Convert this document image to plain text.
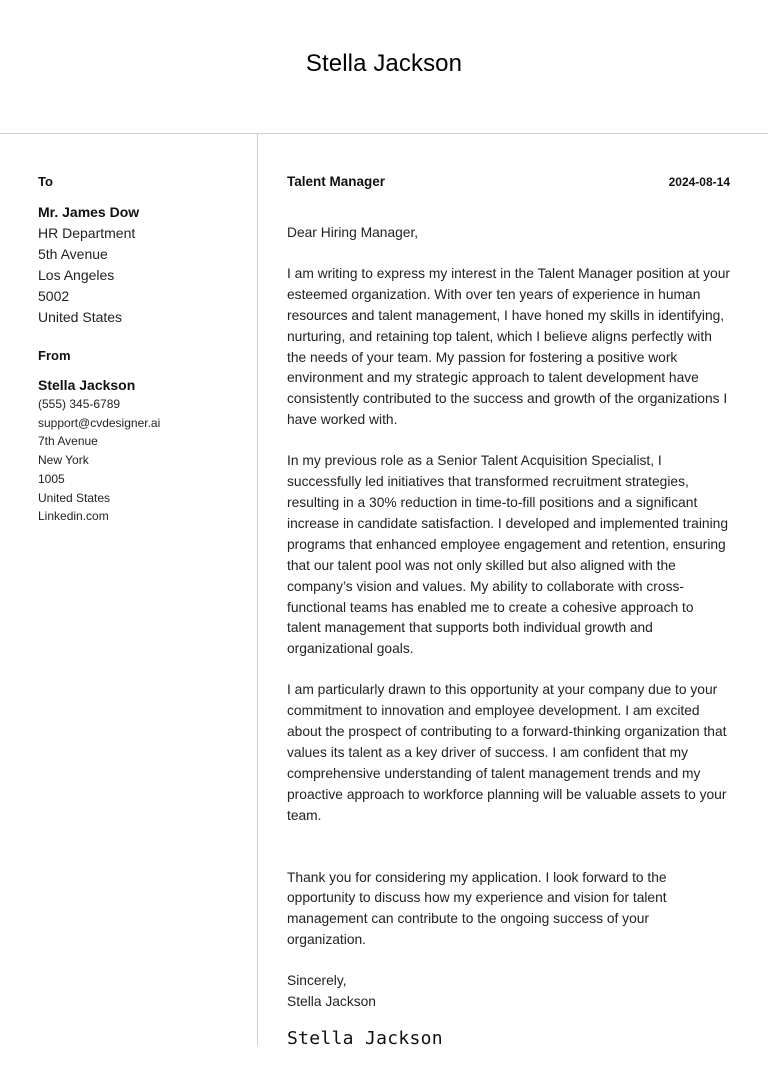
Stella Jackson
To
Mr. James Dow
HR Department
5th Avenue
Los Angeles
5002
United States
From
Stella Jackson
(555) 345-6789
support@cvdesigner.ai
7th Avenue
New York
1005
United States
Linkedin.com
Talent Manager	2024-08-14
Dear Hiring Manager,
I am writing to express my interest in the Talent Manager position at your esteemed organization. With over ten years of experience in human resources and talent management, I have honed my skills in identifying, nurturing, and retaining top talent, which I believe aligns perfectly with the needs of your team. My passion for fostering a positive work environment and my strategic approach to talent development have consistently contributed to the success and growth of the organizations I have worked with.
In my previous role as a Senior Talent Acquisition Specialist, I successfully led initiatives that transformed recruitment strategies, resulting in a 30% reduction in time-to-fill positions and a significant increase in candidate satisfaction. I developed and implemented training programs that enhanced employee engagement and retention, ensuring that our talent pool was not only skilled but also aligned with the company’s vision and values. My ability to collaborate with cross-functional teams has enabled me to create a cohesive approach to talent management that supports both individual growth and organizational goals.
I am particularly drawn to this opportunity at your company due to your commitment to innovation and employee development. I am excited about the prospect of contributing to a forward-thinking organization that values its talent as a key driver of success. I am confident that my comprehensive understanding of talent management trends and my proactive approach to workforce planning will be valuable assets to your team.
Thank you for considering my application. I look forward to the opportunity to discuss how my experience and vision for talent management can contribute to the ongoing success of your organization.
Sincerely,
Stella Jackson
Stella Jackson
